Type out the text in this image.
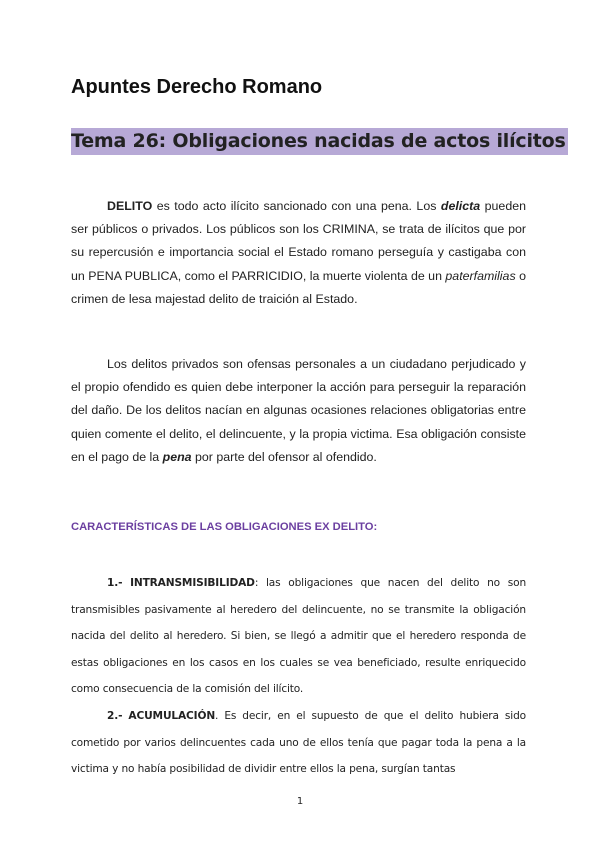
Apuntes Derecho Romano
Tema 26: Obligaciones nacidas de actos ilícitos

DELITO es todo acto ilícito sancionado con una pena. Los delicta pueden ser públicos o privados. Los públicos son los CRIMINA, se trata de ilícitos que por su repercusión e importancia social el Estado romano perseguía y castigaba con un PENA PUBLICA, como el PARRICIDIO, la muerte violenta de un paterfamilias o crimen de lesa majestad delito de traición al Estado.

Los delitos privados son ofensas personales a un ciudadano perjudicado y el propio ofendido es quien debe interponer la acción para perseguir la reparación del daño. De los delitos nacían en algunas ocasiones relaciones obligatorias entre quien comente el delito, el delincuente, y la propia victima. Esa obligación consiste en el pago de la pena por parte del ofensor al ofendido.

CARACTERÍSTICAS DE LAS OBLIGACIONES EX DELITO:

1.- INTRANSMISIBILIDAD: las obligaciones que nacen del delito no son transmisibles pasivamente al heredero del delincuente, no se transmite la obligación nacida del delito al heredero. Si bien, se llegó a admitir que el heredero responda de estas obligaciones en los casos en los cuales se vea beneficiado, resulte enriquecido como consecuencia de la comisión del ilícito.

2.- ACUMULACIÓN. Es decir, en el supuesto de que el delito hubiera sido cometido por varios delincuentes cada uno de ellos tenía que pagar toda la pena a la victima y no había posibilidad de dividir entre ellos la pena, surgían tantas

1
